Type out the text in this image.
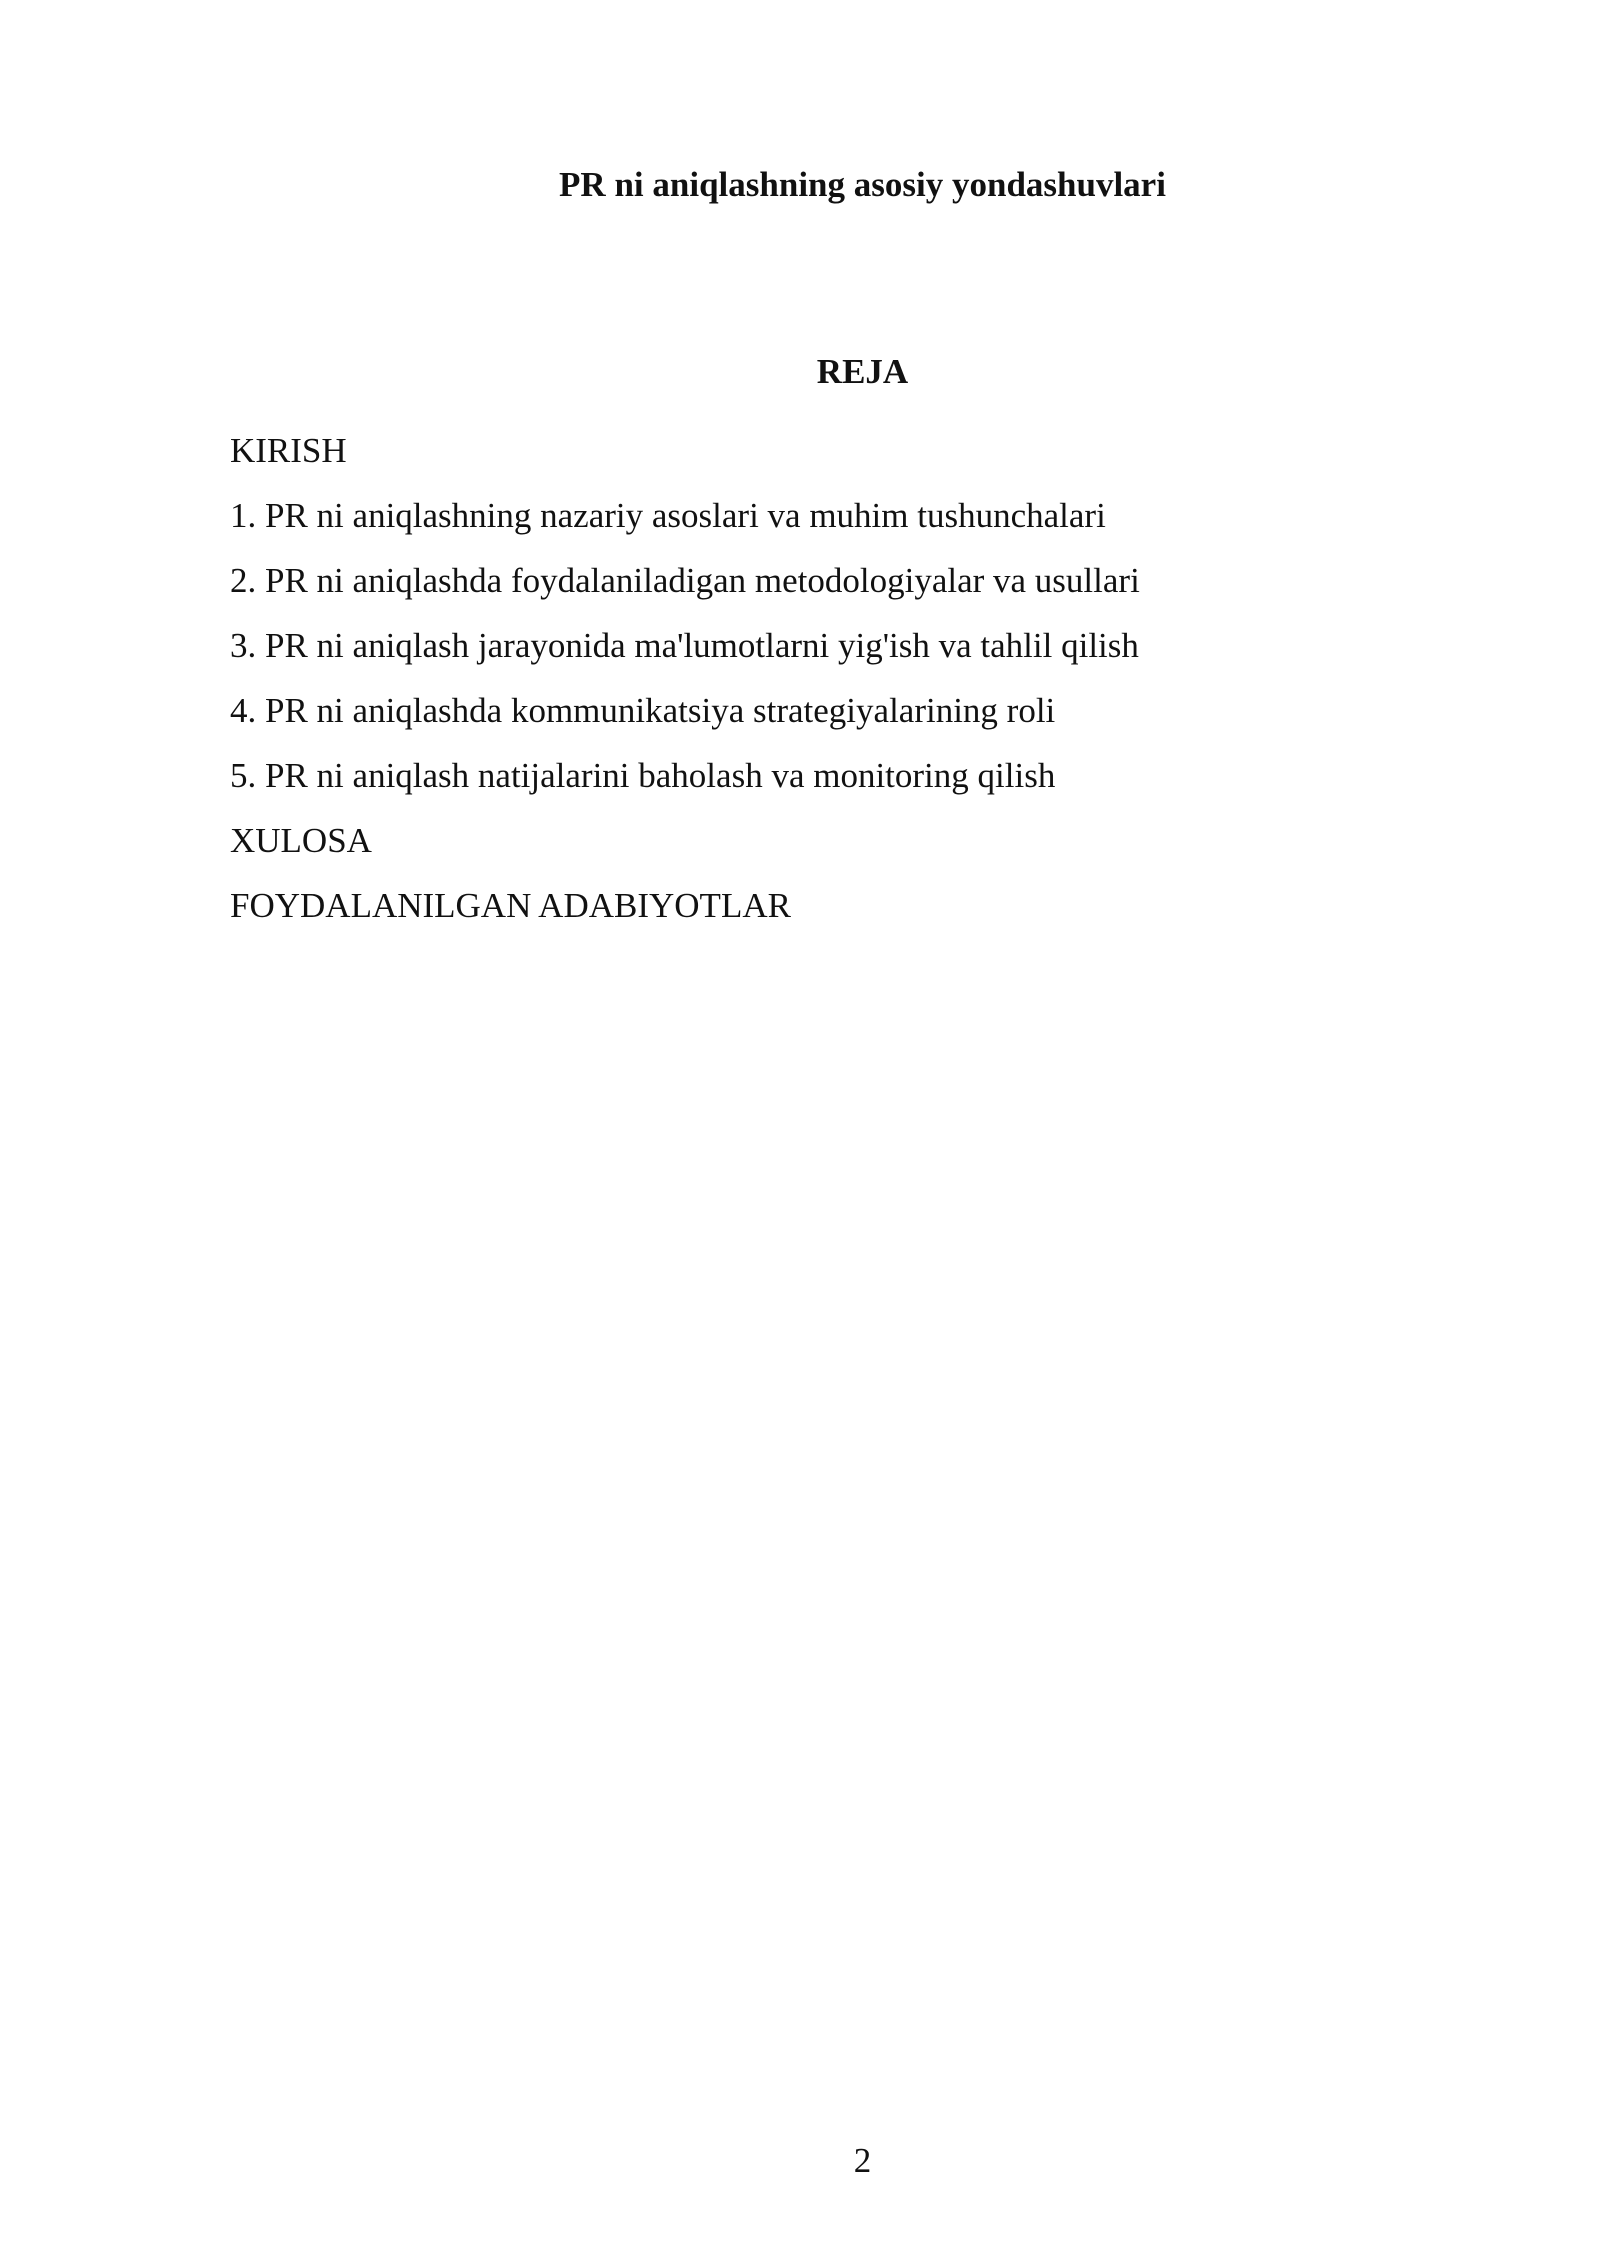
PR ni aniqlashning asosiy yondashuvlari
REJA
KIRISH
1. PR ni aniqlashning nazariy asoslari va muhim tushunchalari
2. PR ni aniqlashda foydalaniladigan metodologiyalar va usullari
3. PR ni aniqlash jarayonida ma'lumotlarni yig'ish va tahlil qilish
4. PR ni aniqlashda kommunikatsiya strategiyalarining roli
5. PR ni aniqlash natijalarini baholash va monitoring qilish
XULOSA
FOYDALANILGAN ADABIYOTLAR
2
